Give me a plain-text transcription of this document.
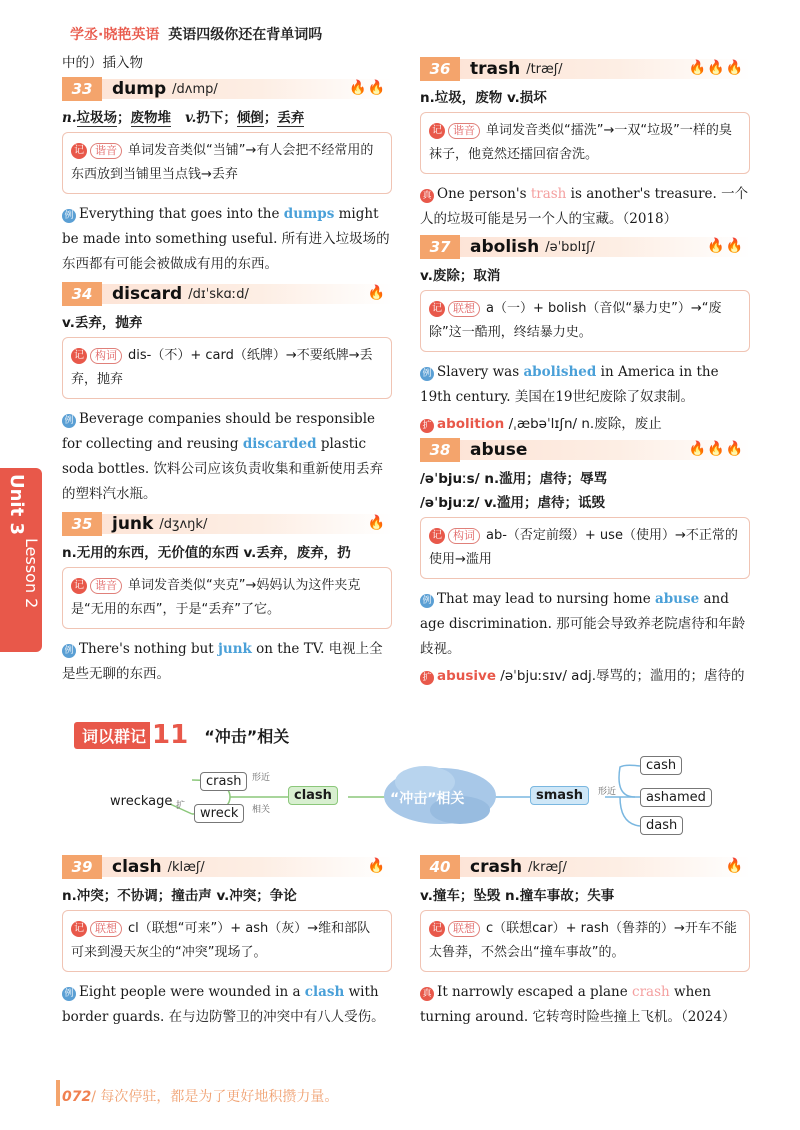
学丞·晓艳英语 英语四级你还在背单词吗
Unit 3
Lesson 2
中的）插入物
33	dump /dʌmp/	🔥🔥
n.垃圾场；废物堆 v.扔下；倾倒；丢弃
记 谐音 单词发音类似“当铺”→有人会把不经常用的东西放到当铺里当点钱→丢弃
例 Everything that goes into the dumps might be made into something useful. 所有进入垃圾场的东西都有可能会被做成有用的东西。
34	discard /dɪˈskɑːd/	🔥
v.丢弃，抛弃
记 构词 dis-（不）+ card（纸牌）→不要纸牌→丢弃，抛弃
例 Beverage companies should be responsible for collecting and reusing discarded plastic soda bottles. 饮料公司应该负责收集和重新使用丢弃的塑料汽水瓶。
35	junk /dʒʌŋk/	🔥
n.无用的东西，无价值的东西 v.丢弃，废弃，扔
记 谐音 单词发音类似“夹克”→妈妈认为这件夹克是“无用的东西”，于是“丢弃”了它。
例 There's nothing but junk on the TV. 电视上全是些无聊的东西。
36	trash /træʃ/	🔥🔥🔥
n.垃圾，废物 v.损坏
记 谐音 单词发音类似“擂洗”→一双“垃圾”一样的臭袜子，他竟然还擂回宿舍洗。
真 One person's trash is another's treasure. 一个人的垃圾可能是另一个人的宝藏。（2018）
37	abolish /əˈbɒlɪʃ/	🔥🔥
v.废除；取消
记 联想 a（一）+ bolish（音似“暴力史”）→“废除”这一酷刑，终结暴力史。
例 Slavery was abolished in America in the 19th century. 美国在19世纪废除了奴隶制。
扩 abolition /ˌæbəˈlɪʃn/ n.废除，废止
38	abuse	🔥🔥🔥
/əˈbjuːs/ n.滥用；虐待；辱骂
/əˈbjuːz/ v.滥用；虐待；诋毁
记 构词 ab-（否定前缀）+ use（使用）→不正常的使用→滥用
例 That may lead to nursing home abuse and age discrimination. 那可能会导致养老院虐待和年龄歧视。
扩 abusive /əˈbjuːsɪv/ adj.辱骂的；滥用的；虐待的
词以群记 11 “冲击”相关
crash
wreck
wreckage 扩
形近
相关
clash	“冲击”相关	smash	形近
cash
ashamed
dash
39	clash /klæʃ/	🔥
n.冲突；不协调；撞击声 v.冲突；争论
记 联想 cl（联想“可来”）+ ash（灰）→维和部队可来到漫天灰尘的“冲突”现场了。
例 Eight people were wounded in a clash with border guards. 在与边防警卫的冲突中有八人受伤。
40	crash /kræʃ/	🔥
v.撞车；坠毁 n.撞车事故；失事
记 联想 c（联想car）+ rash（鲁莽的）→开车不能太鲁莽，不然会出“撞车事故”的。
真 It narrowly escaped a plane crash when turning around. 它转弯时险些撞上飞机。（2024）
072/ 每次停驻，都是为了更好地积攒力量。
